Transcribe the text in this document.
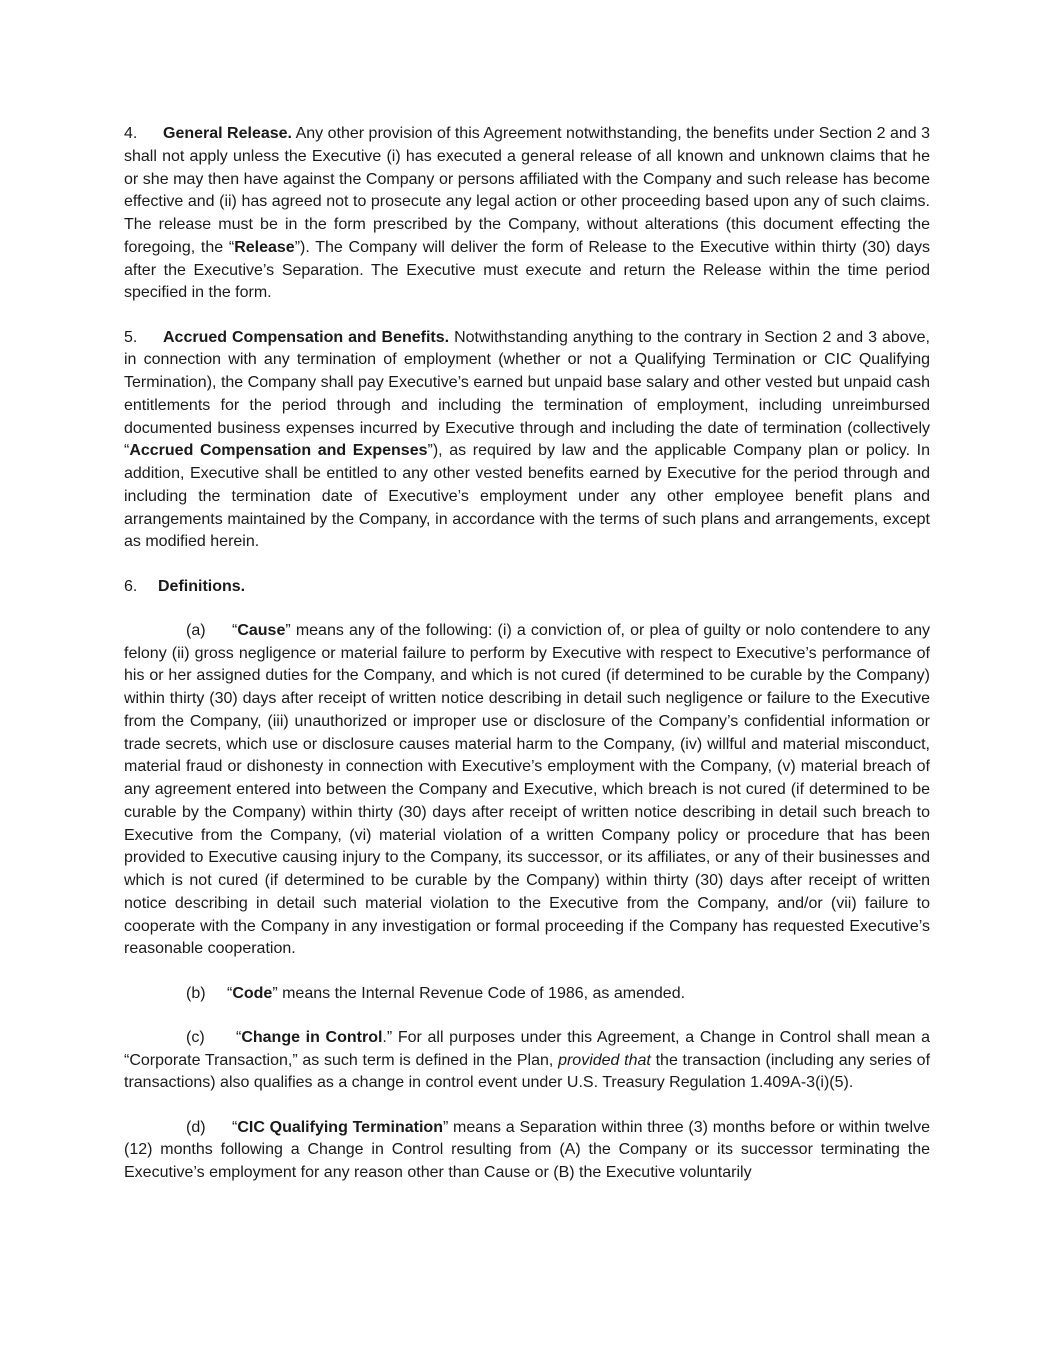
4. General Release. Any other provision of this Agreement notwithstanding, the benefits under Section 2 and 3 shall not apply unless the Executive (i) has executed a general release of all known and unknown claims that he or she may then have against the Company or persons affiliated with the Company and such release has become effective and (ii) has agreed not to prosecute any legal action or other proceeding based upon any of such claims. The release must be in the form prescribed by the Company, without alterations (this document effecting the foregoing, the “Release”). The Company will deliver the form of Release to the Executive within thirty (30) days after the Executive’s Separation. The Executive must execute and return the Release within the time period specified in the form.

5. Accrued Compensation and Benefits. Notwithstanding anything to the contrary in Section 2 and 3 above, in connection with any termination of employment (whether or not a Qualifying Termination or CIC Qualifying Termination), the Company shall pay Executive’s earned but unpaid base salary and other vested but unpaid cash entitlements for the period through and including the termination of employment, including unreimbursed documented business expenses incurred by Executive through and including the date of termination (collectively “Accrued Compensation and Expenses”), as required by law and the applicable Company plan or policy. In addition, Executive shall be entitled to any other vested benefits earned by Executive for the period through and including the termination date of Executive’s employment under any other employee benefit plans and arrangements maintained by the Company, in accordance with the terms of such plans and arrangements, except as modified herein.

6. Definitions.

(a) “Cause” means any of the following: (i) a conviction of, or plea of guilty or nolo contendere to any felony (ii) gross negligence or material failure to perform by Executive with respect to Executive’s performance of his or her assigned duties for the Company, and which is not cured (if determined to be curable by the Company) within thirty (30) days after receipt of written notice describing in detail such negligence or failure to the Executive from the Company, (iii) unauthorized or improper use or disclosure of the Company’s confidential information or trade secrets, which use or disclosure causes material harm to the Company, (iv) willful and material misconduct, material fraud or dishonesty in connection with Executive’s employment with the Company, (v) material breach of any agreement entered into between the Company and Executive, which breach is not cured (if determined to be curable by the Company) within thirty (30) days after receipt of written notice describing in detail such breach to Executive from the Company, (vi) material violation of a written Company policy or procedure that has been provided to Executive causing injury to the Company, its successor, or its affiliates, or any of their businesses and which is not cured (if determined to be curable by the Company) within thirty (30) days after receipt of written notice describing in detail such material violation to the Executive from the Company, and/or (vii) failure to cooperate with the Company in any investigation or formal proceeding if the Company has requested Executive’s reasonable cooperation.

(b) “Code” means the Internal Revenue Code of 1986, as amended.

(c) “Change in Control.” For all purposes under this Agreement, a Change in Control shall mean a “Corporate Transaction,” as such term is defined in the Plan, provided that the transaction (including any series of transactions) also qualifies as a change in control event under U.S. Treasury Regulation 1.409A-3(i)(5).

(d) “CIC Qualifying Termination” means a Separation within three (3) months before or within twelve (12) months following a Change in Control resulting from (A) the Company or its successor terminating the Executive’s employment for any reason other than Cause or (B) the Executive voluntarily
